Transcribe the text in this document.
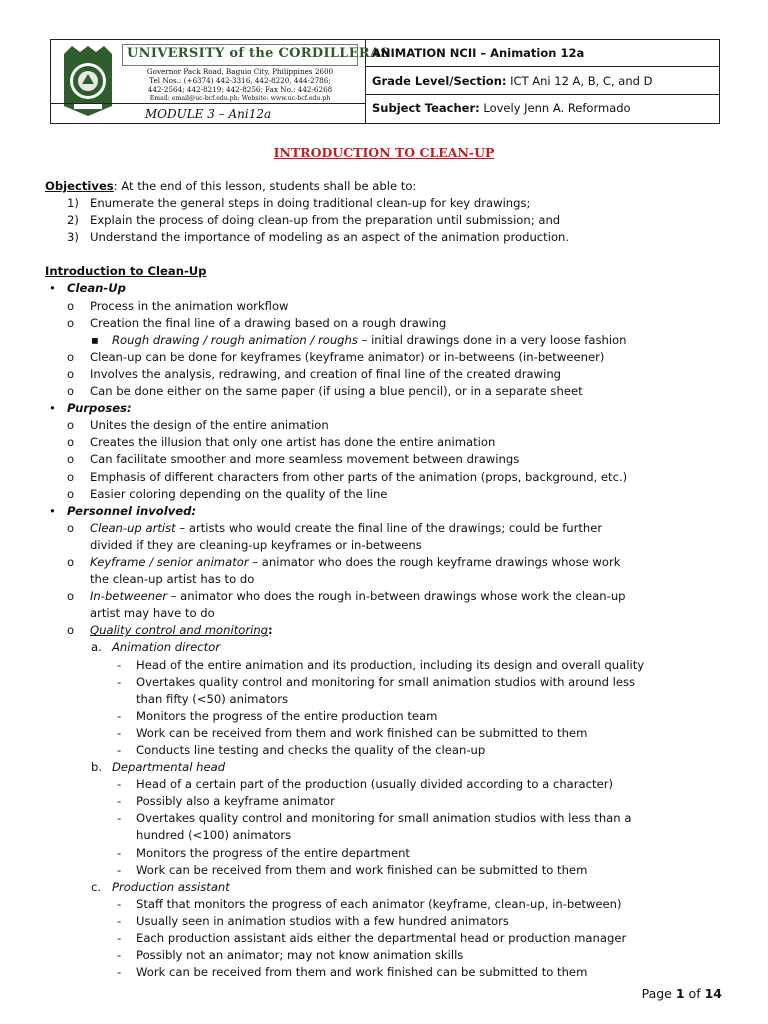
UNIVERSITY of the CORDILLERAS
Governor Pack Road, Baguio City, Philippines 2600
Tel Nos.: (+6374) 442-3316, 442-8220, 444-2786;
442-2564; 442-8219; 442-8256; Fax No.: 442-6268
Email: email@uc-bcf.edu.ph; Website: www.uc-bcf.edu.ph
MODULE 3 – Ani12a
ANIMATION NCII – Animation 12a
Grade Level/Section: ICT Ani 12 A, B, C, and D
Subject Teacher: Lovely Jenn A. Reformado
INTRODUCTION TO CLEAN-UP
Objectives: At the end of this lesson, students shall be able to:
1) Enumerate the general steps in doing traditional clean-up for key drawings;
2) Explain the process of doing clean-up from the preparation until submission; and
3) Understand the importance of modeling as an aspect of the animation production.
Introduction to Clean-Up
• Clean-Up
o Process in the animation workflow
o Creation the final line of a drawing based on a rough drawing
▪ Rough drawing / rough animation / roughs – initial drawings done in a very loose fashion
o Clean-up can be done for keyframes (keyframe animator) or in-betweens (in-betweener)
o Involves the analysis, redrawing, and creation of final line of the created drawing
o Can be done either on the same paper (if using a blue pencil), or in a separate sheet
• Purposes:
o Unites the design of the entire animation
o Creates the illusion that only one artist has done the entire animation
o Can facilitate smoother and more seamless movement between drawings
o Emphasis of different characters from other parts of the animation (props, background, etc.)
o Easier coloring depending on the quality of the line
• Personnel involved:
o Clean-up artist – artists who would create the final line of the drawings; could be further
divided if they are cleaning-up keyframes or in-betweens
o Keyframe / senior animator – animator who does the rough keyframe drawings whose work
the clean-up artist has to do
o In-betweener – animator who does the rough in-between drawings whose work the clean-up
artist may have to do
o Quality control and monitoring:
a. Animation director
- Head of the entire animation and its production, including its design and overall quality
- Overtakes quality control and monitoring for small animation studios with around less
than fifty (<50) animators
- Monitors the progress of the entire production team
- Work can be received from them and work finished can be submitted to them
- Conducts line testing and checks the quality of the clean-up
b. Departmental head
- Head of a certain part of the production (usually divided according to a character)
- Possibly also a keyframe animator
- Overtakes quality control and monitoring for small animation studios with less than a
hundred (<100) animators
- Monitors the progress of the entire department
- Work can be received from them and work finished can be submitted to them
c. Production assistant
- Staff that monitors the progress of each animator (keyframe, clean-up, in-between)
- Usually seen in animation studios with a few hundred animators
- Each production assistant aids either the departmental head or production manager
- Possibly not an animator; may not know animation skills
- Work can be received from them and work finished can be submitted to them
Page 1 of 14
